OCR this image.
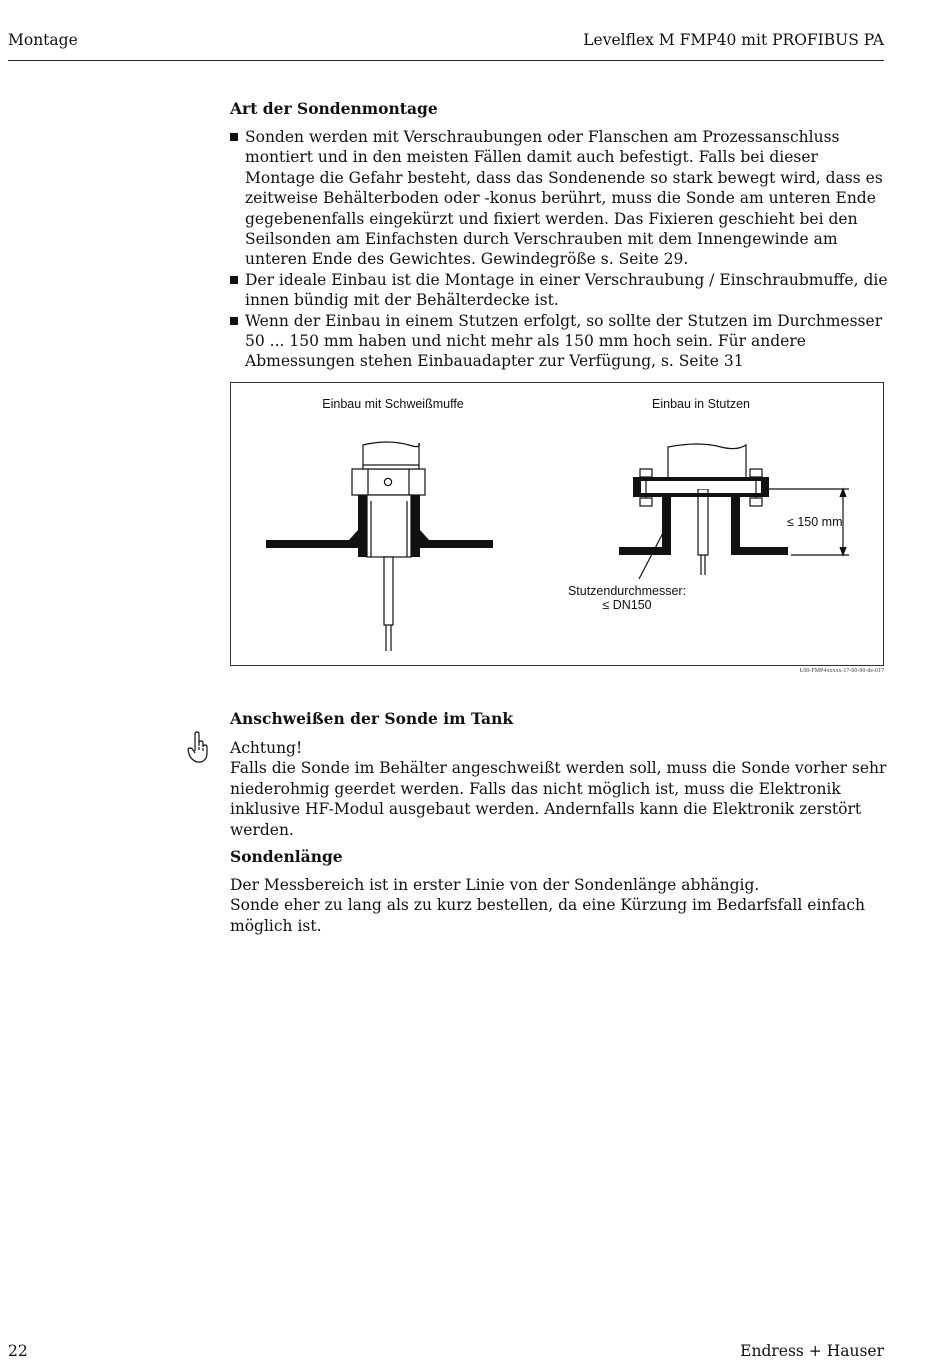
Montage	Levelflex M FMP40 mit PROFIBUS PA
Art der Sondenmontage
Sonden werden mit Verschraubungen oder Flanschen am Prozessanschluss montiert und in den meisten Fällen damit auch befestigt. Falls bei dieser Montage die Gefahr besteht, dass das Sondenende so stark bewegt wird, dass es zeitweise Behälterboden oder -konus berührt, muss die Sonde am unteren Ende gegebenenfalls eingekürzt und fixiert werden. Das Fixieren geschieht bei den Seilsonden am Einfachsten durch Verschrauben mit dem Innengewinde am unteren Ende des Gewichtes. Gewindegröße s. Seite 29.
Der ideale Einbau ist die Montage in einer Verschraubung / Einschraubmuffe, die innen bündig mit der Behälterdecke ist.
Wenn der Einbau in einem Stutzen erfolgt, so sollte der Stutzen im Durchmesser 50 ... 150 mm haben und nicht mehr als 150 mm hoch sein. Für andere Abmessungen stehen Einbauadapter zur Verfügung, s. Seite 31
Einbau mit Schweißmuffe	Einbau in Stutzen
≤ 150 mm
Stutzendurchmesser:
≤ DN150
L00-FMP4xxxxx-17-00-00-de-017
Anschweißen der Sonde im Tank
Achtung!
Falls die Sonde im Behälter angeschweißt werden soll, muss die Sonde vorher sehr niederohmig geerdet werden. Falls das nicht möglich ist, muss die Elektronik inklusive HF-Modul ausgebaut werden. Andernfalls kann die Elektronik zerstört werden.
Sondenlänge
Der Messbereich ist in erster Linie von der Sondenlänge abhängig.
Sonde eher zu lang als zu kurz bestellen, da eine Kürzung im Bedarfsfall einfach möglich ist.
22	Endress + Hauser
